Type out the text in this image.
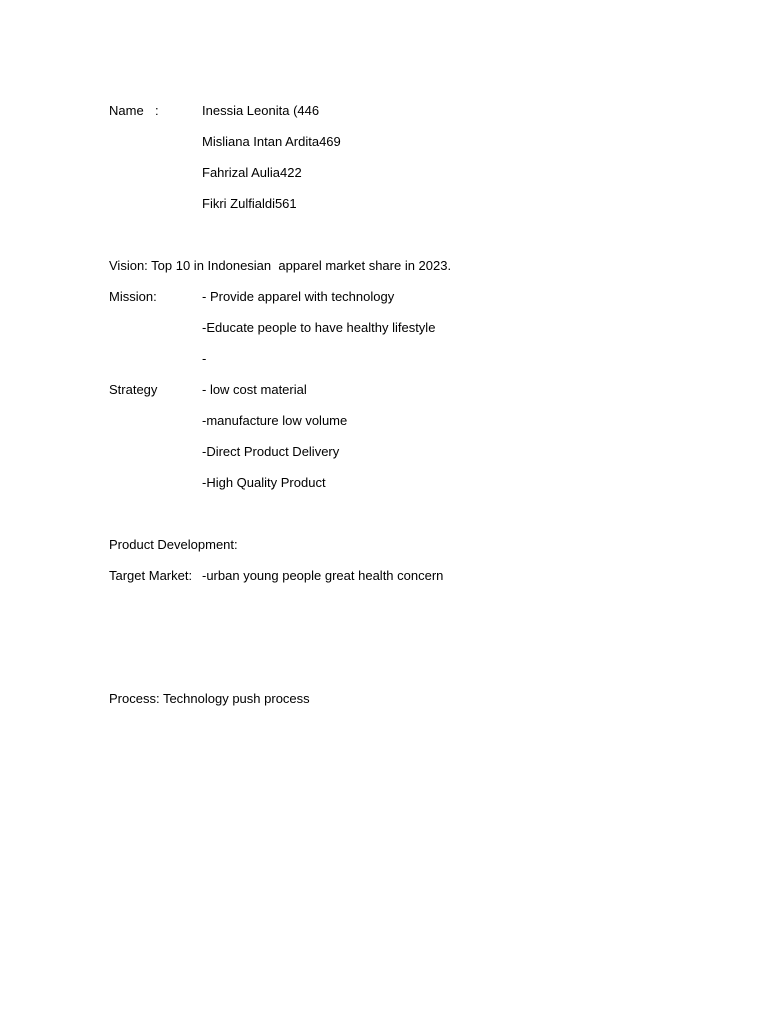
Name :	Inessia Leonita (446
Misliana Intan Ardita469
Fahrizal Aulia422
Fikri Zulfialdi561
Vision: Top 10 in Indonesian  apparel market share in 2023.
Mission:	- Provide apparel with technology
-Educate people to have healthy lifestyle
-
Strategy	- low cost material
-manufacture low volume
-Direct Product Delivery
-High Quality Product
Product Development:
Target Market: -urban young people great health concern
Process: Technology push process
